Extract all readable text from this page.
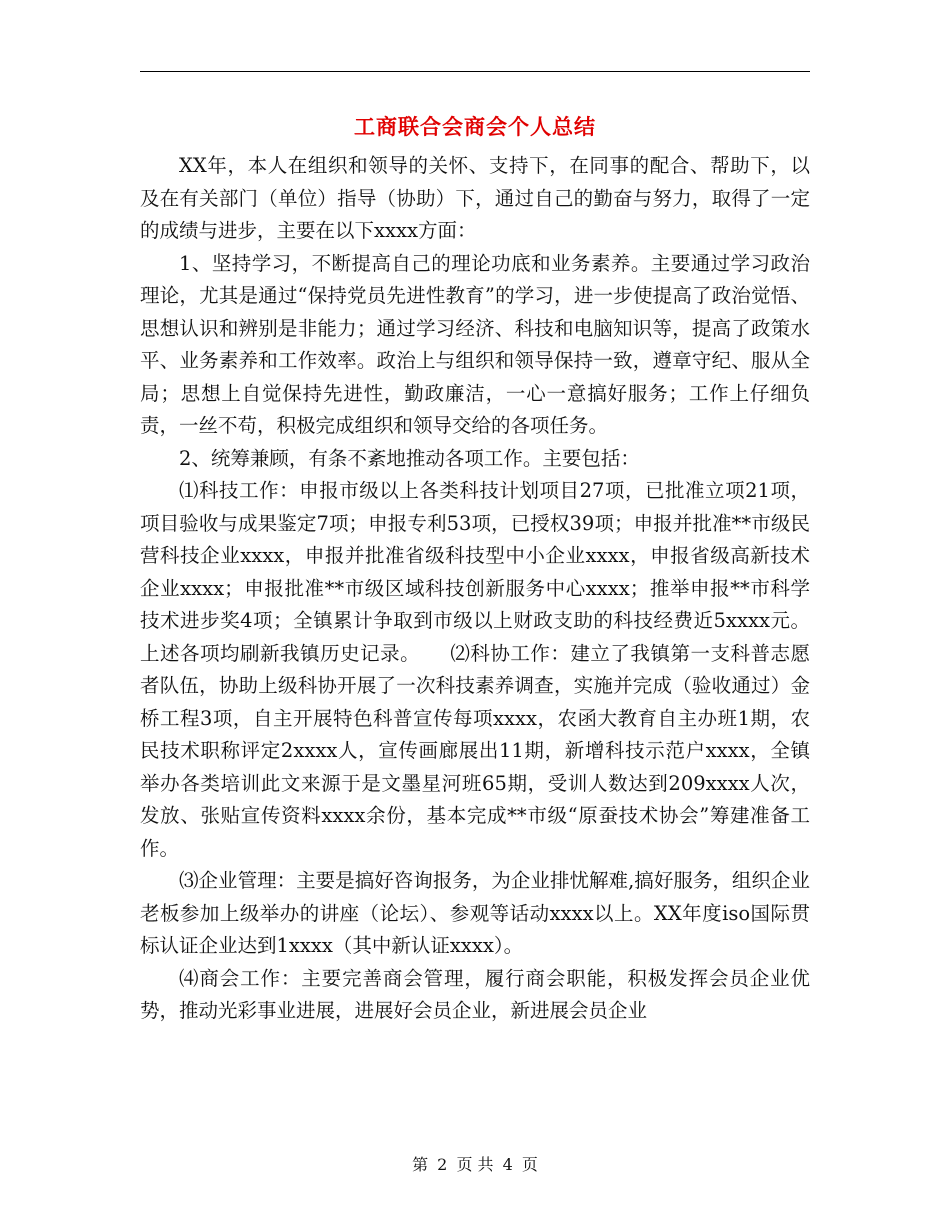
工商联合会商会个人总结

XX年，本人在组织和领导的关怀、支持下，在同事的配合、帮助下，以及在有关部门（单位）指导（协助）下，通过自己的勤奋与努力，取得了一定的成绩与进步，主要在以下xxxx方面：

1、坚持学习，不断提高自己的理论功底和业务素养。主要通过学习政治理论，尤其是通过“保持党员先进性教育”的学习，进一步使提高了政治觉悟、思想认识和辨别是非能力；通过学习经济、科技和电脑知识等，提高了政策水平、业务素养和工作效率。政治上与组织和领导保持一致，遵章守纪、服从全局；思想上自觉保持先进性，勤政廉洁，一心一意搞好服务；工作上仔细负责，一丝不苟，积极完成组织和领导交给的各项任务。

2、统筹兼顾，有条不紊地推动各项工作。主要包括：

⑴科技工作：申报市级以上各类科技计划项目27项，已批准立项21项，项目验收与成果鉴定7项；申报专利53项，已授权39项；申报并批准**市级民营科技企业xxxx，申报并批准省级科技型中小企业xxxx，申报省级高新技术企业xxxx；申报批准**市级区域科技创新服务中心xxxx；推举申报**市科学技术进步奖4项；全镇累计争取到市级以上财政支助的科技经费近5xxxx元。上述各项均刷新我镇历史记录。　　⑵科协工作：建立了我镇第一支科普志愿者队伍，协助上级科协开展了一次科技素养调查，实施并完成（验收通过）金桥工程3项，自主开展特色科普宣传每项xxxx，农函大教育自主办班1期，农民技术职称评定2xxxx人，宣传画廊展出11期，新增科技示范户xxxx，全镇举办各类培训此文来源于是文墨星河班65期，受训人数达到209xxxx人次，发放、张贴宣传资料xxxx余份，基本完成**市级“原蚕技术协会”筹建准备工作。

⑶企业管理：主要是搞好咨询报务，为企业排忧解难,搞好服务，组织企业老板参加上级举办的讲座（论坛）、参观等话动xxxx以上。XX年度iso国际贯标认证企业达到1xxxx（其中新认证xxxx）。

⑷商会工作：主要完善商会管理，履行商会职能，积极发挥会员企业优势，推动光彩事业进展，进展好会员企业，新进展会员企业

第 2 页 共 4 页
